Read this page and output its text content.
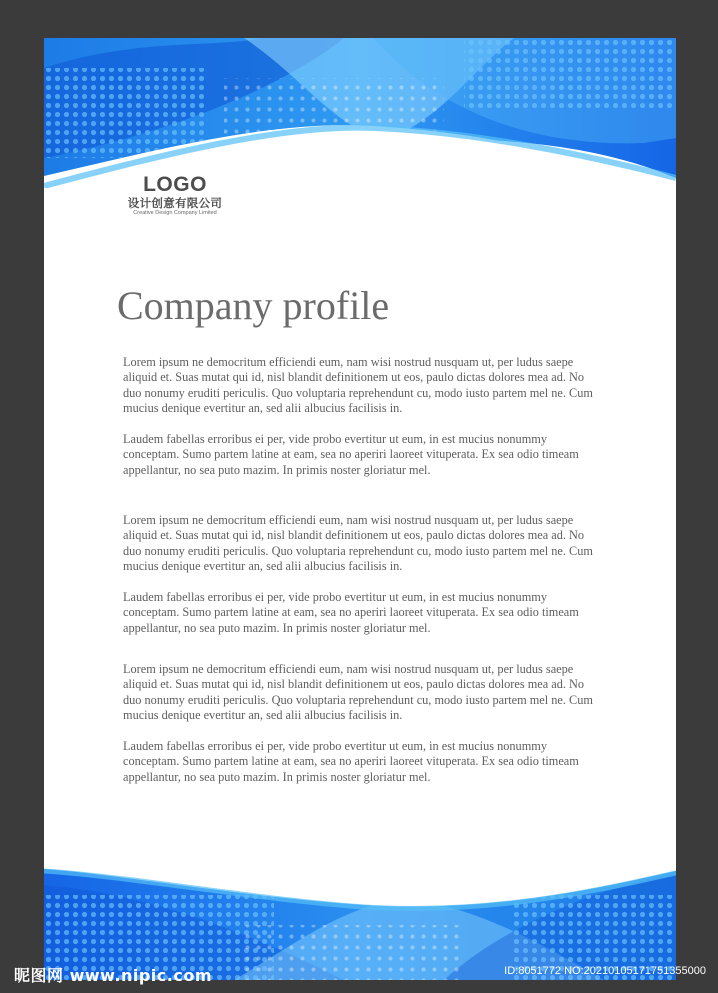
LOGO
设计创意有限公司
Creative Design Company Limited
Company profile

Lorem ipsum ne democritum efficiendi eum, nam wisi nostrud nusquam ut, per ludus saepe aliquid et. Suas mutat qui id, nisl blandit definitionem ut eos, paulo dictas dolores mea ad. No duo nonumy eruditi periculis. Quo voluptaria reprehendunt cu, modo iusto partem mel ne. Cum mucius denique evertitur an, sed alii albucius facilisis in.

Laudem fabellas erroribus ei per, vide probo evertitur ut eum, in est mucius nonummy conceptam. Sumo partem latine at eam, sea no aperiri laoreet vituperata. Ex sea odio timeam appellantur, no sea puto mazim. In primis noster gloriatur mel.

Lorem ipsum ne democritum efficiendi eum, nam wisi nostrud nusquam ut, per ludus saepe aliquid et. Suas mutat qui id, nisl blandit definitionem ut eos, paulo dictas dolores mea ad. No duo nonumy eruditi periculis. Quo voluptaria reprehendunt cu, modo iusto partem mel ne. Cum mucius denique evertitur an, sed alii albucius facilisis in.

Laudem fabellas erroribus ei per, vide probo evertitur ut eum, in est mucius nonummy conceptam. Sumo partem latine at eam, sea no aperiri laoreet vituperata. Ex sea odio timeam appellantur, no sea puto mazim. In primis noster gloriatur mel.

Lorem ipsum ne democritum efficiendi eum, nam wisi nostrud nusquam ut, per ludus saepe aliquid et. Suas mutat qui id, nisl blandit definitionem ut eos, paulo dictas dolores mea ad. No duo nonumy eruditi periculis. Quo voluptaria reprehendunt cu, modo iusto partem mel ne. Cum mucius denique evertitur an, sed alii albucius facilisis in.

Laudem fabellas erroribus ei per, vide probo evertitur ut eum, in est mucius nonummy conceptam. Sumo partem latine at eam, sea no aperiri laoreet vituperata. Ex sea odio timeam appellantur, no sea puto mazim. In primis noster gloriatur mel.

昵图网 www.nipic.com	ID:8051772 NO:20210105171751355000
